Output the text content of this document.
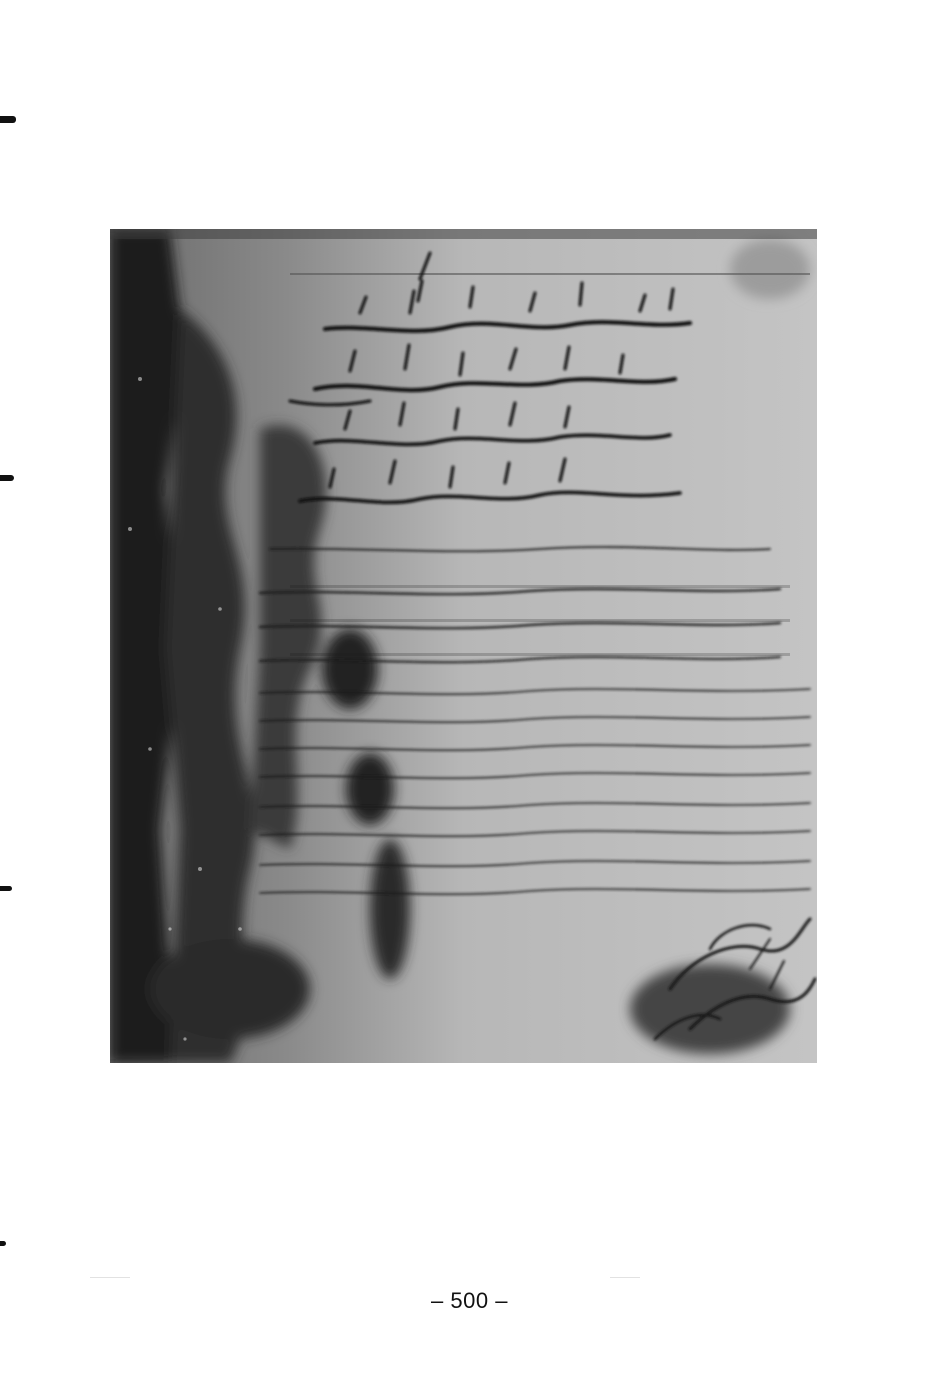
– 500 –
